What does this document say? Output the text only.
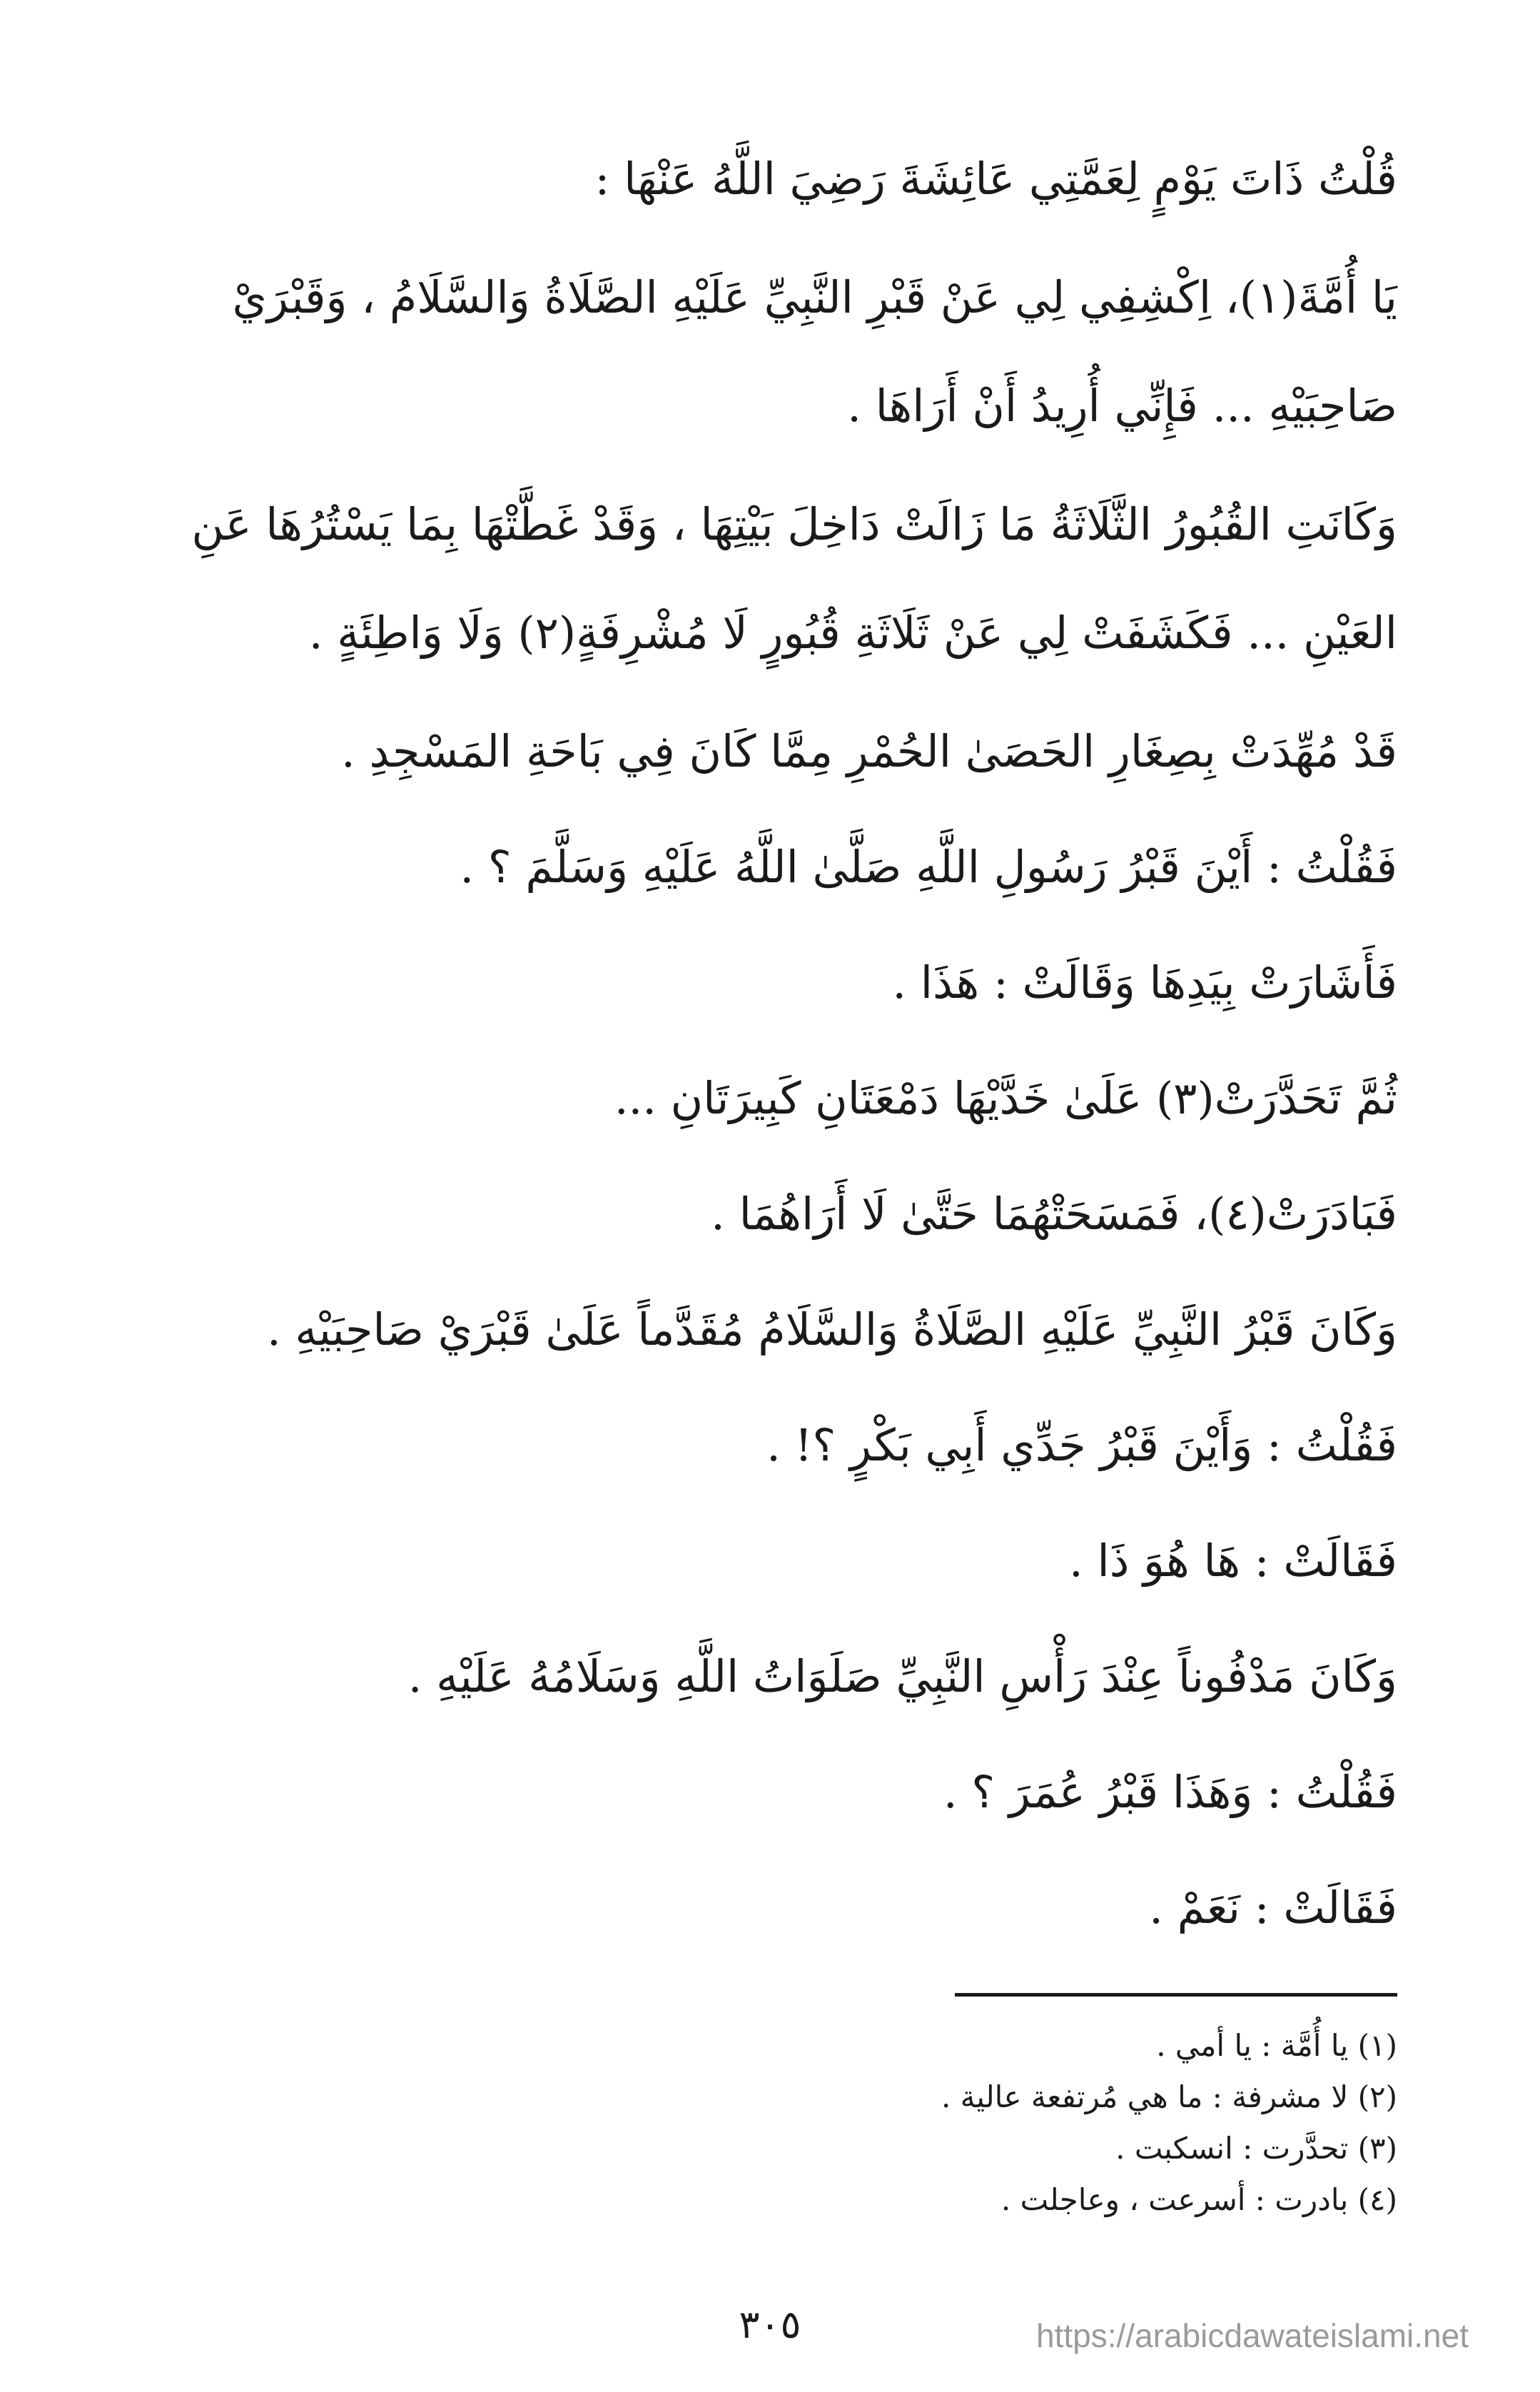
قُلْتُ ذَاتَ يَوْمٍ لِعَمَّتِي عَائِشَةَ رَضِيَ اللَّهُ عَنْهَا :

يَا أُمَّةَ(١)، اِكْشِفِي لِي عَنْ قَبْرِ النَّبِيِّ عَلَيْهِ الصَّلَاةُ وَالسَّلَامُ ، وَقَبْرَيْ صَاحِبَيْهِ ... فَإِنِّي أُرِيدُ أَنْ أَرَاهَا .

وَكَانَتِ القُبُورُ الثَّلَاثَةُ مَا زَالَتْ دَاخِلَ بَيْتِهَا ، وَقَدْ غَطَّتْهَا بِمَا يَسْتُرُهَا عَنِ العَيْنِ ... فَكَشَفَتْ لِي عَنْ ثَلَاثَةِ قُبُورٍ لَا مُشْرِفَةٍ(٢) وَلَا وَاطِئَةٍ .

قَدْ مُهِّدَتْ بِصِغَارِ الحَصَىٰ الحُمْرِ مِمَّا كَانَ فِي بَاحَةِ المَسْجِدِ .

فَقُلْتُ : أَيْنَ قَبْرُ رَسُولِ اللَّهِ صَلَّىٰ اللَّهُ عَلَيْهِ وَسَلَّمَ ؟ .

فَأَشَارَتْ بِيَدِهَا وَقَالَتْ : هَذَا .

ثُمَّ تَحَدَّرَتْ(٣) عَلَىٰ خَدَّيْهَا دَمْعَتَانِ كَبِيرَتَانِ ...

فَبَادَرَتْ(٤)، فَمَسَحَتْهُمَا حَتَّىٰ لَا أَرَاهُمَا .

وَكَانَ قَبْرُ النَّبِيِّ عَلَيْهِ الصَّلَاةُ وَالسَّلَامُ مُقَدَّماً عَلَىٰ قَبْرَيْ صَاحِبَيْهِ .

فَقُلْتُ : وَأَيْنَ قَبْرُ جَدِّي أَبِي بَكْرٍ ؟! .

فَقَالَتْ : هَا هُوَ ذَا .

وَكَانَ مَدْفُوناً عِنْدَ رَأْسِ النَّبِيِّ صَلَوَاتُ اللَّهِ وَسَلَامُهُ عَلَيْهِ .

فَقُلْتُ : وَهَذَا قَبْرُ عُمَرَ ؟ .

فَقَالَتْ : نَعَمْ .

(١) يا أُمَّة : يا أمي .

(٢) لا مشرفة : ما هي مُرتفعة عالية .

(٣) تحدَّرت : انسكبت .

(٤) بادرت : أسرعت ، وعاجلت .

٣٠٥	https://arabicdawateislami.net
